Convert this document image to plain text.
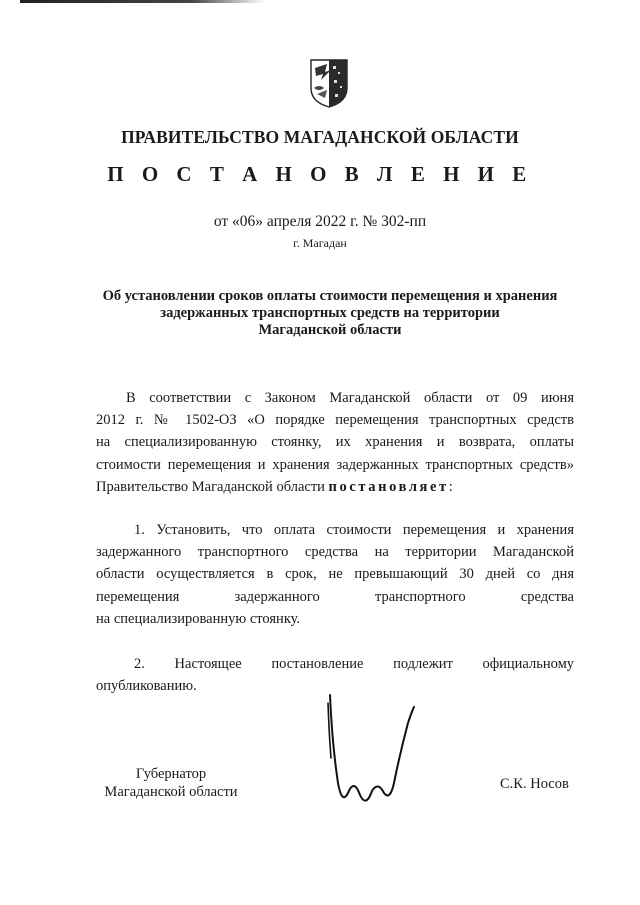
ПРАВИТЕЛЬСТВО МАГАДАНСКОЙ ОБЛАСТИ
П О С Т А Н О В Л Е Н И Е
от «06» апреля 2022 г. № 302-пп
г. Магадан
Об установлении сроков оплаты стоимости перемещения и хранения
задержанных транспортных средств на территории
Магаданской области
В соответствии с Законом Магаданской области от 09 июня
2012 г. № 1502-ОЗ «О порядке перемещения транспортных средств
на специализированную стоянку, их хранения и возврата, оплаты
стоимости перемещения и хранения задержанных транспортных средств»
Правительство Магаданской области постановляет:
1. Установить, что оплата стоимости перемещения и хранения
задержанного транспортного средства на территории Магаданской
области осуществляется в срок, не превышающий 30 дней со дня
перемещения задержанного транспортного средства
на специализированную стоянку.
2. Настоящее постановление подлежит официальному
опубликованию.
Губернатор
Магаданской области	С.К. Носов
